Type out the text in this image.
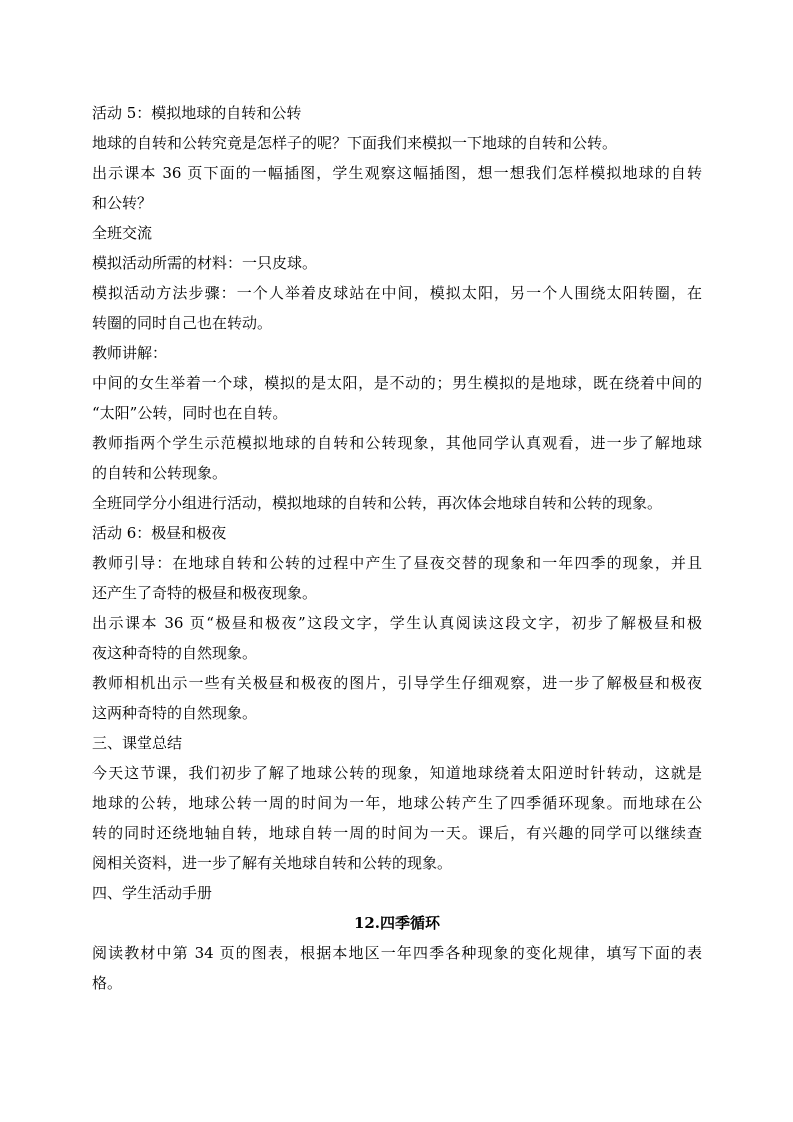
活动 5：模拟地球的自转和公转
地球的自转和公转究竟是怎样子的呢？下面我们来模拟一下地球的自转和公转。
出示课本 36 页下面的一幅插图，学生观察这幅插图，想一想我们怎样模拟地球的自转
和公转？
全班交流
模拟活动所需的材料：一只皮球。
模拟活动方法步骤：一个人举着皮球站在中间，模拟太阳，另一个人围绕太阳转圈，在
转圈的同时自己也在转动。
教师讲解：
中间的女生举着一个球，模拟的是太阳，是不动的；男生模拟的是地球，既在绕着中间的
“太阳”公转，同时也在自转。
教师指两个学生示范模拟地球的自转和公转现象，其他同学认真观看，进一步了解地球
的自转和公转现象。
全班同学分小组进行活动，模拟地球的自转和公转，再次体会地球自转和公转的现象。
活动 6：极昼和极夜
教师引导：在地球自转和公转的过程中产生了昼夜交替的现象和一年四季的现象，并且
还产生了奇特的极昼和极夜现象。
出示课本 36 页“极昼和极夜”这段文字，学生认真阅读这段文字，初步了解极昼和极
夜这种奇特的自然现象。
教师相机出示一些有关极昼和极夜的图片，引导学生仔细观察，进一步了解极昼和极夜
这两种奇特的自然现象。
三、课堂总结
今天这节课，我们初步了解了地球公转的现象，知道地球绕着太阳逆时针转动，这就是
地球的公转，地球公转一周的时间为一年，地球公转产生了四季循环现象。而地球在公
转的同时还绕地轴自转，地球自转一周的时间为一天。课后，有兴趣的同学可以继续查
阅相关资料，进一步了解有关地球自转和公转的现象。
四、学生活动手册
12.四季循环
阅读教材中第 34 页的图表，根据本地区一年四季各种现象的变化规律，填写下面的表
格。
